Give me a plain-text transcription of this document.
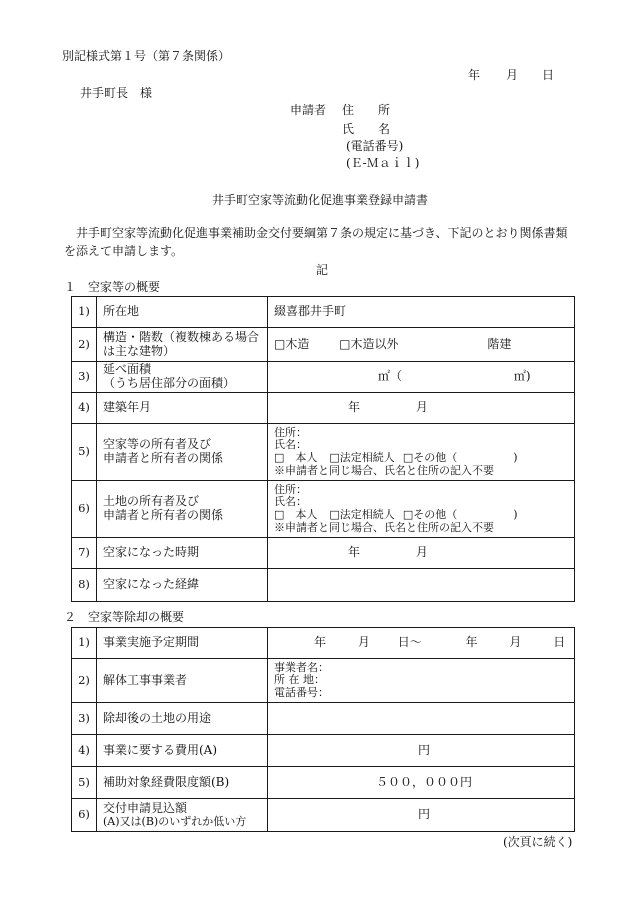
別記様式第１号（第７条関係）
年 月 日
井手町長　様
申請者 住　　所
氏　　名
(電話番号)
(Ｅ-Ｍａｉｌ)
井手町空家等流動化促進事業登録申請書
井手町空家等流動化促進事業補助金交付要綱第７条の規定に基づき、下記のとおり関係書類を添えて申請します。
記
１　空家等の概要
1)	所在地	綴喜郡井手町
2)	構造・階数（複数棟ある場合
は主な建物）	□木造 □木造以外 階建
3)	延べ面積
（うち居住部分の面積）	㎡（ ㎡)
4)	建築年月	年 月
5)	空家等の所有者及び
申請者と所有者の関係	住所：
氏名：
□　本人 □法定相続人 □その他（ )
※申請者と同じ場合、氏名と住所の記入不要

6)	土地の所有者及び
申請者と所有者の関係	住所：
氏名：
□　本人 □法定相続人 □その他（ )
※申請者と同じ場合、氏名と住所の記入不要

7)	空家になった時期	年 月
8)	空家になった経緯	
２　空家等除却の概要
1)	事業実施予定期間	年 月 日～ 年 月 日
2)	解体工事事業者	事業者名：
所 在 地：
電話番号：

3)	除却後の土地の用途	
4)	事業に要する費用(A)	円
5)	補助対象経費限度額(B)	５００，０００円
6)	交付申請見込額
(A)又は(B)のいずれか低い方	円
(次頁に続く)
